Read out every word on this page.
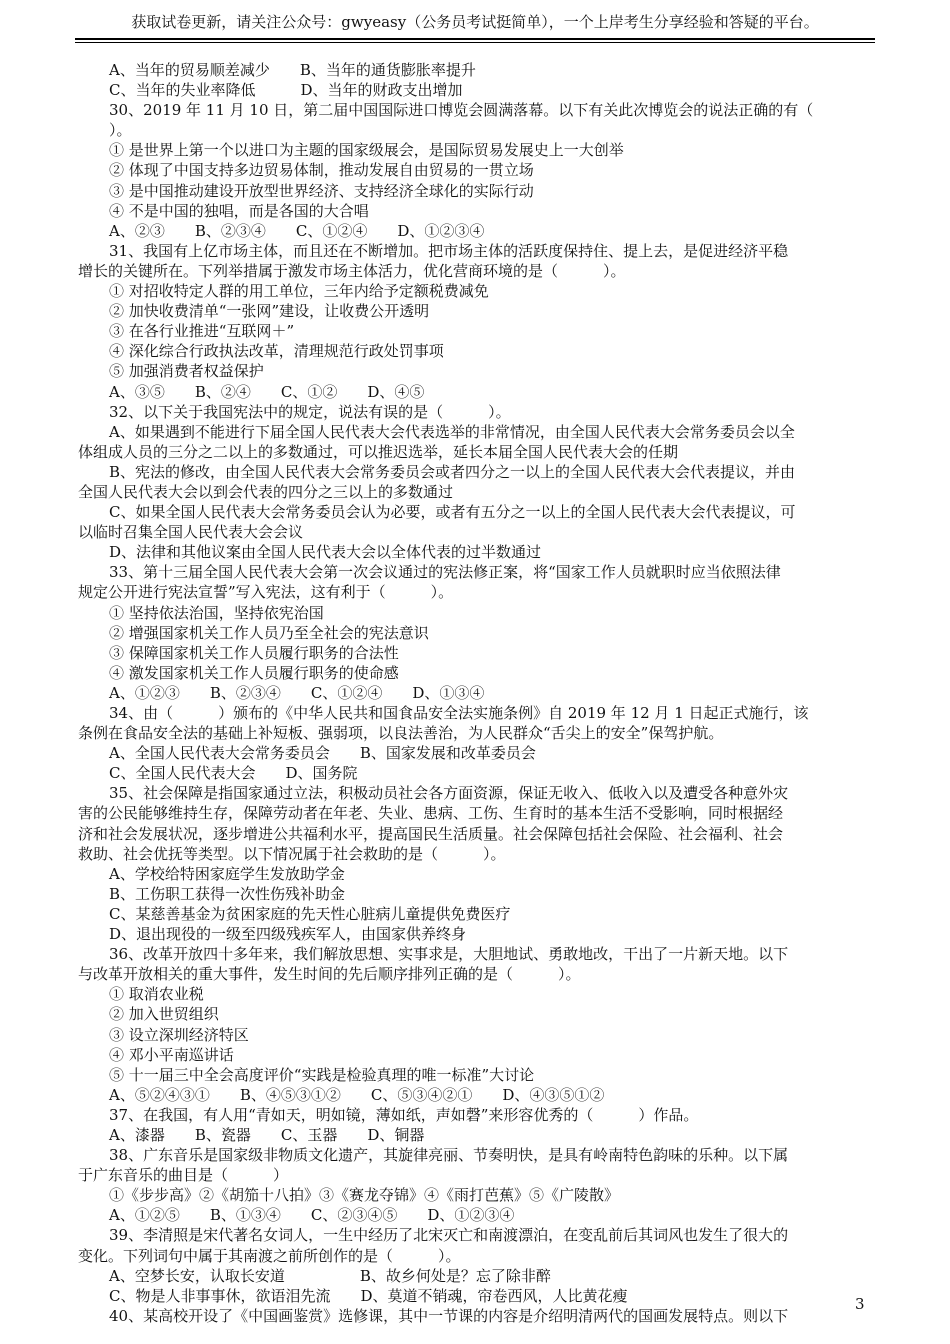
获取试卷更新，请关注公众号：gwyeasy（公务员考试挺简单），一个上岸考生分享经验和答疑的平台。
A、当年的贸易顺差减少　　B、当年的通货膨胀率提升
C、当年的失业率降低　　　D、当年的财政支出增加
30、2019 年 11 月 10 日，第二届中国国际进口博览会圆满落幕。以下有关此次博览会的说法正确的有（
）。
① 是世界上第一个以进口为主题的国家级展会，是国际贸易发展史上一大创举
② 体现了中国支持多边贸易体制，推动发展自由贸易的一贯立场
③ 是中国推动建设开放型世界经济、支持经济全球化的实际行动
④ 不是中国的独唱，而是各国的大合唱
A、②③　　B、②③④　　C、①②④　　D、①②③④
31、我国有上亿市场主体，而且还在不断增加。把市场主体的活跃度保持住、提上去，是促进经济平稳
增长的关键所在。下列举措属于激发市场主体活力，优化营商环境的是（　　　）。
① 对招收特定人群的用工单位，三年内给予定额税费减免
② 加快收费清单“一张网”建设，让收费公开透明
③ 在各行业推进“互联网＋”
④ 深化综合行政执法改革，清理规范行政处罚事项
⑤ 加强消费者权益保护
A、③⑤　　B、②④　　C、①②　　D、④⑤
32、以下关于我国宪法中的规定，说法有误的是（　　　）。
A、如果遇到不能进行下届全国人民代表大会代表选举的非常情况，由全国人民代表大会常务委员会以全
体组成人员的三分之二以上的多数通过，可以推迟选举，延长本届全国人民代表大会的任期
B、宪法的修改，由全国人民代表大会常务委员会或者四分之一以上的全国人民代表大会代表提议，并由
全国人民代表大会以到会代表的四分之三以上的多数通过
C、如果全国人民代表大会常务委员会认为必要，或者有五分之一以上的全国人民代表大会代表提议，可
以临时召集全国人民代表大会会议
D、法律和其他议案由全国人民代表大会以全体代表的过半数通过
33、第十三届全国人民代表大会第一次会议通过的宪法修正案，将“国家工作人员就职时应当依照法律
规定公开进行宪法宣誓”写入宪法，这有利于（　　　）。
① 坚持依法治国，坚持依宪治国
② 增强国家机关工作人员乃至全社会的宪法意识
③ 保障国家机关工作人员履行职务的合法性
④ 激发国家机关工作人员履行职务的使命感
A、①②③　　B、②③④　　C、①②④　　D、①③④
34、由（　　　）颁布的《中华人民共和国食品安全法实施条例》自 2019 年 12 月 1 日起正式施行，该
条例在食品安全法的基础上补短板、强弱项，以良法善治，为人民群众“舌尖上的安全”保驾护航。
A、全国人民代表大会常务委员会　　B、国家发展和改革委员会
C、全国人民代表大会　　D、国务院
35、社会保障是指国家通过立法，积极动员社会各方面资源，保证无收入、低收入以及遭受各种意外灾
害的公民能够维持生存，保障劳动者在年老、失业、患病、工伤、生育时的基本生活不受影响，同时根据经
济和社会发展状况，逐步增进公共福利水平，提高国民生活质量。社会保障包括社会保险、社会福利、社会
救助、社会优抚等类型。以下情况属于社会救助的是（　　　）。
A、学校给特困家庭学生发放助学金
B、工伤职工获得一次性伤残补助金
C、某慈善基金为贫困家庭的先天性心脏病儿童提供免费医疗
D、退出现役的一级至四级残疾军人，由国家供养终身
36、改革开放四十多年来，我们解放思想、实事求是，大胆地试、勇敢地改，干出了一片新天地。以下
与改革开放相关的重大事件，发生时间的先后顺序排列正确的是（　　　）。
① 取消农业税
② 加入世贸组织
③ 设立深圳经济特区
④ 邓小平南巡讲话
⑤ 十一届三中全会高度评价“实践是检验真理的唯一标准”大讨论
A、⑤②④③①　　B、④⑤③①②　　C、⑤③④②①　　D、④③⑤①②
37、在我国，有人用“青如天，明如镜，薄如纸，声如磬”来形容优秀的（　　　）作品。
A、漆器　　B、瓷器　　C、玉器　　D、铜器
38、广东音乐是国家级非物质文化遗产，其旋律亮丽、节奏明快，是具有岭南特色韵味的乐种。以下属
于广东音乐的曲目是（　　　）
①《步步高》②《胡笳十八拍》③《赛龙夺锦》④《雨打芭蕉》⑤《广陵散》
A、①②⑤　　B、①③④　　C、②③④⑤　　D、①②③④
39、李清照是宋代著名女词人，一生中经历了北宋灭亡和南渡漂泊，在变乱前后其词风也发生了很大的
变化。下列词句中属于其南渡之前所创作的是（　　　）。
A、空梦长安，认取长安道　　　　　B、故乡何处是？忘了除非醉
C、物是人非事事休，欲语泪先流　　D、莫道不销魂，帘卷西风，人比黄花瘦
40、某高校开设了《中国画鉴赏》选修课，其中一节课的内容是介绍明清两代的国画发展特点。则以下
3
